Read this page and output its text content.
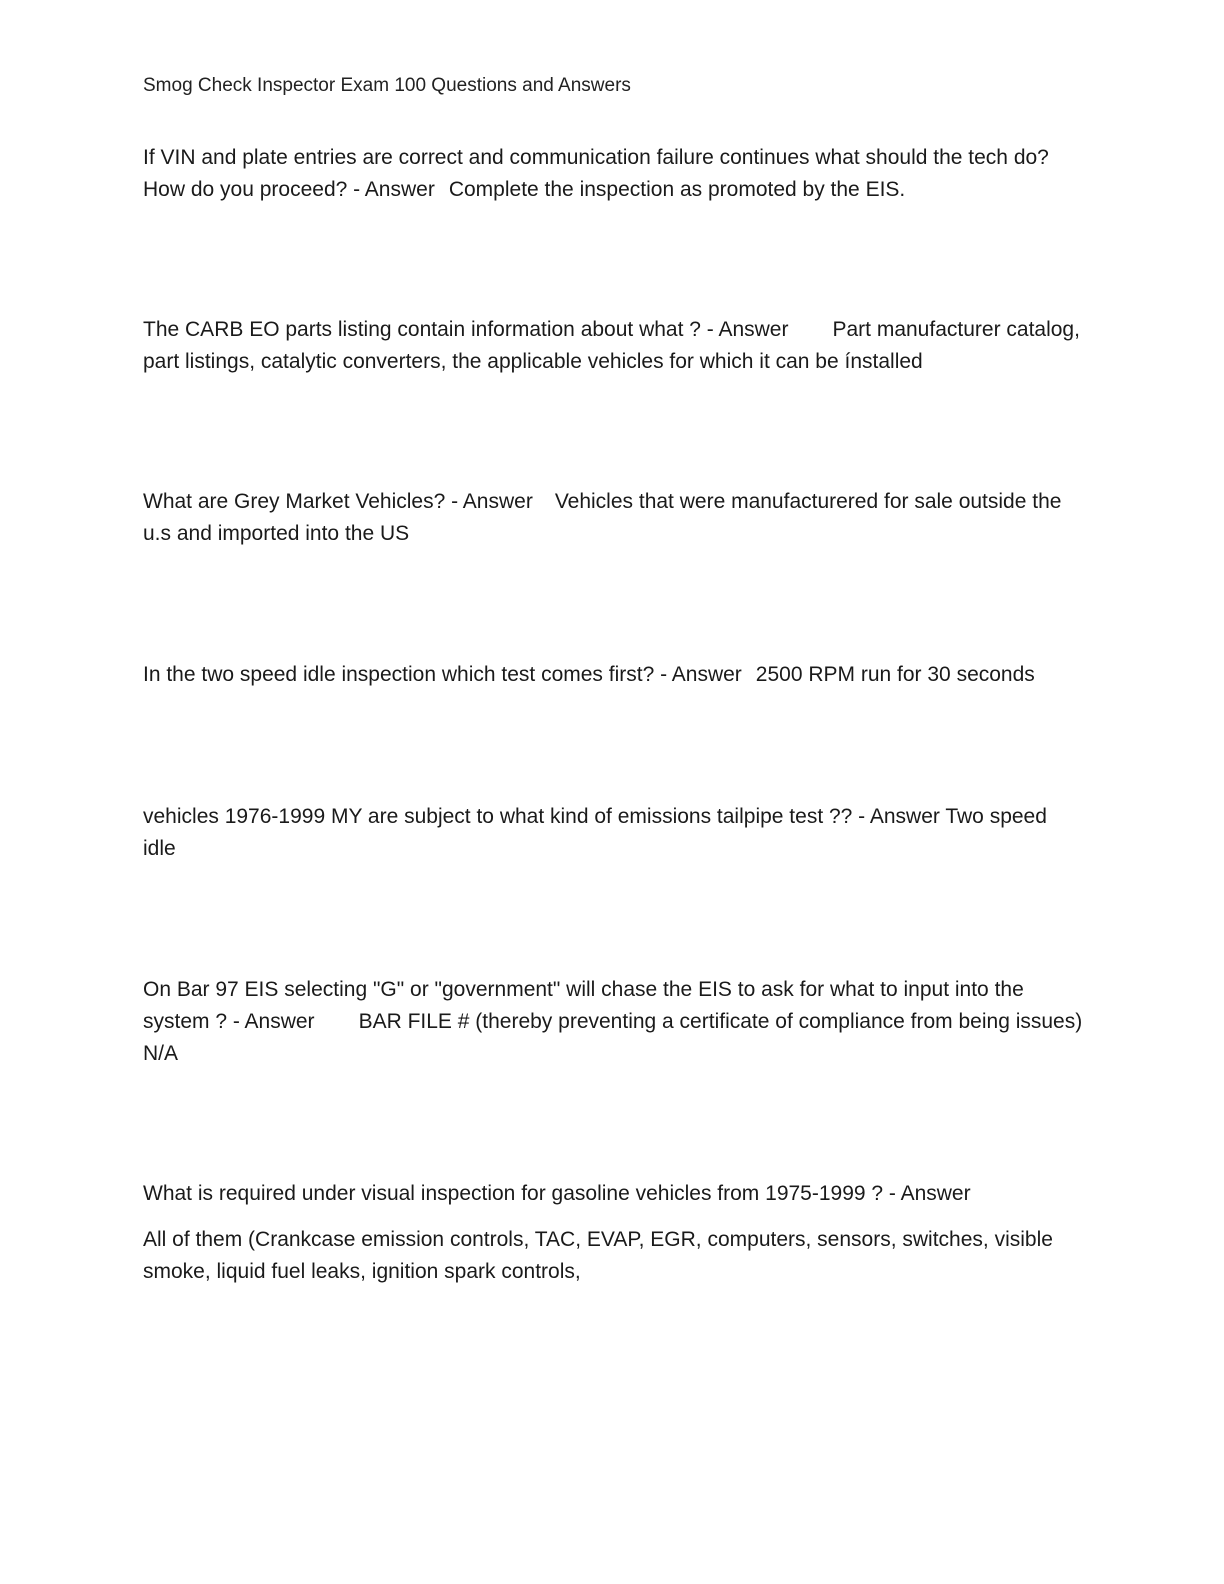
Smog Check Inspector Exam 100 Questions and Answers
If VIN and plate entries are correct and communication failure continues what should the tech do? How do you proceed? - Answer Complete the inspection as promoted by the EIS.
The CARB EO parts listing contain information about what ? - Answer Part manufacturer catalog, part listings, catalytic converters, the applicable vehicles for which it can be ínstalled
What are Grey Market Vehicles? - Answer Vehicles that were manufacturered for sale outside the u.s and imported into the US
In the two speed idle inspection which test comes first? - Answer 2500 RPM run for 30 seconds
vehicles 1976-1999 MY are subject to what kind of emissions tailpipe test ?? - Answer Two speed idle
On Bar 97 EIS selecting "G" or "government" will chase the EIS to ask for what to input into the system ? - Answer BAR FILE # (thereby preventing a certificate of compliance from being issues) N/A

What is required under visual inspection for gasoline vehicles from 1975-1999 ? - Answer

All of them (Crankcase emission controls, TAC, EVAP, EGR, computers, sensors, switches, visible smoke, liquid fuel leaks, ignition spark controls,
